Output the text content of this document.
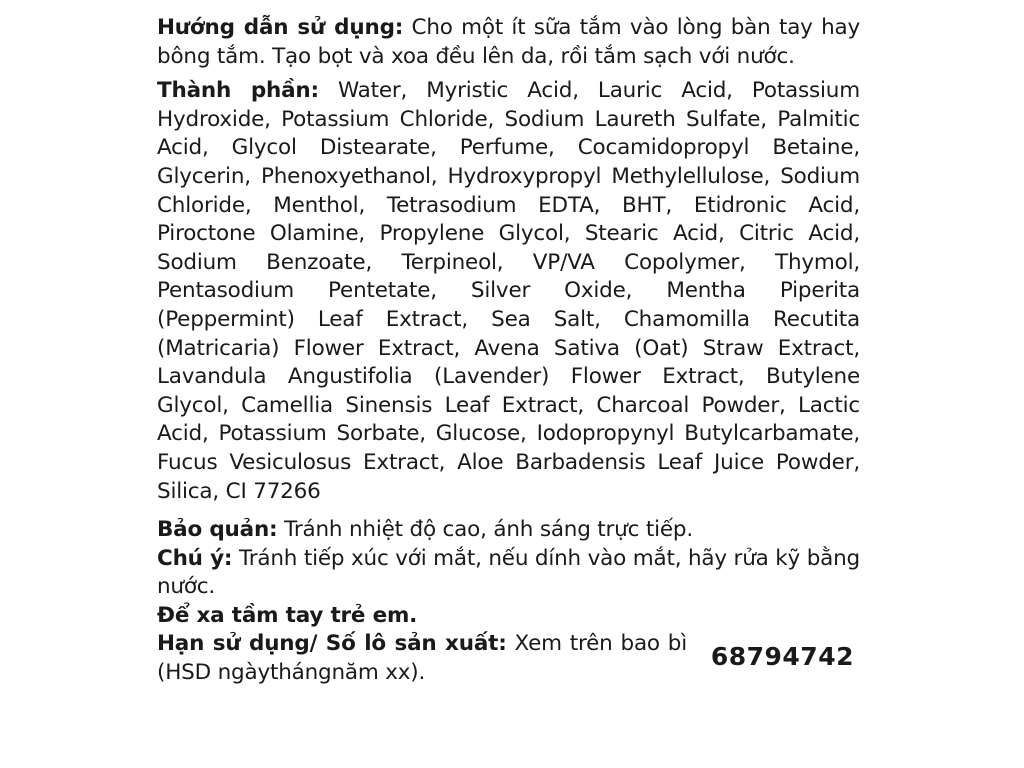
Hướng dẫn sử dụng: Cho một ít sữa tắm vào lòng bàn tay hay bông tắm. Tạo bọt và xoa đều lên da, rồi tắm sạch với nước.

Thành phần: Water, Myristic Acid, Lauric Acid, Potassium Hydroxide, Potassium Chloride, Sodium Laureth Sulfate, Palmitic Acid, Glycol Distearate, Perfume, Cocamidopropyl Betaine, Glycerin, Phenoxyethanol, Hydroxypropyl Methylellulose, Sodium Chloride, Menthol, Tetrasodium EDTA, BHT, Etidronic Acid, Piroctone Olamine, Propylene Glycol, Stearic Acid, Citric Acid, Sodium Benzoate, Terpineol, VP/VA Copolymer, Thymol, Pentasodium Pentetate, Silver Oxide, Mentha Piperita (Peppermint) Leaf Extract, Sea Salt, Chamomilla Recutita (Matricaria) Flower Extract, Avena Sativa (Oat) Straw Extract, Lavandula Angustifolia (Lavender) Flower Extract, Butylene Glycol, Camellia Sinensis Leaf Extract, Charcoal Powder, Lactic Acid, Potassium Sorbate, Glucose, Iodopropynyl Butylcarbamate, Fucus Vesiculosus Extract, Aloe Barbadensis Leaf Juice Powder, Silica, CI 77266

Bảo quản: Tránh nhiệt độ cao, ánh sáng trực tiếp.

Chú ý: Tránh tiếp xúc với mắt, nếu dính vào mắt, hãy rửa kỹ bằng nước.

Để xa tầm tay trẻ em.

Hạn sử dụng/ Số lô sản xuất: Xem trên bao bì (HSD ngàythángnăm xx).

68794742
